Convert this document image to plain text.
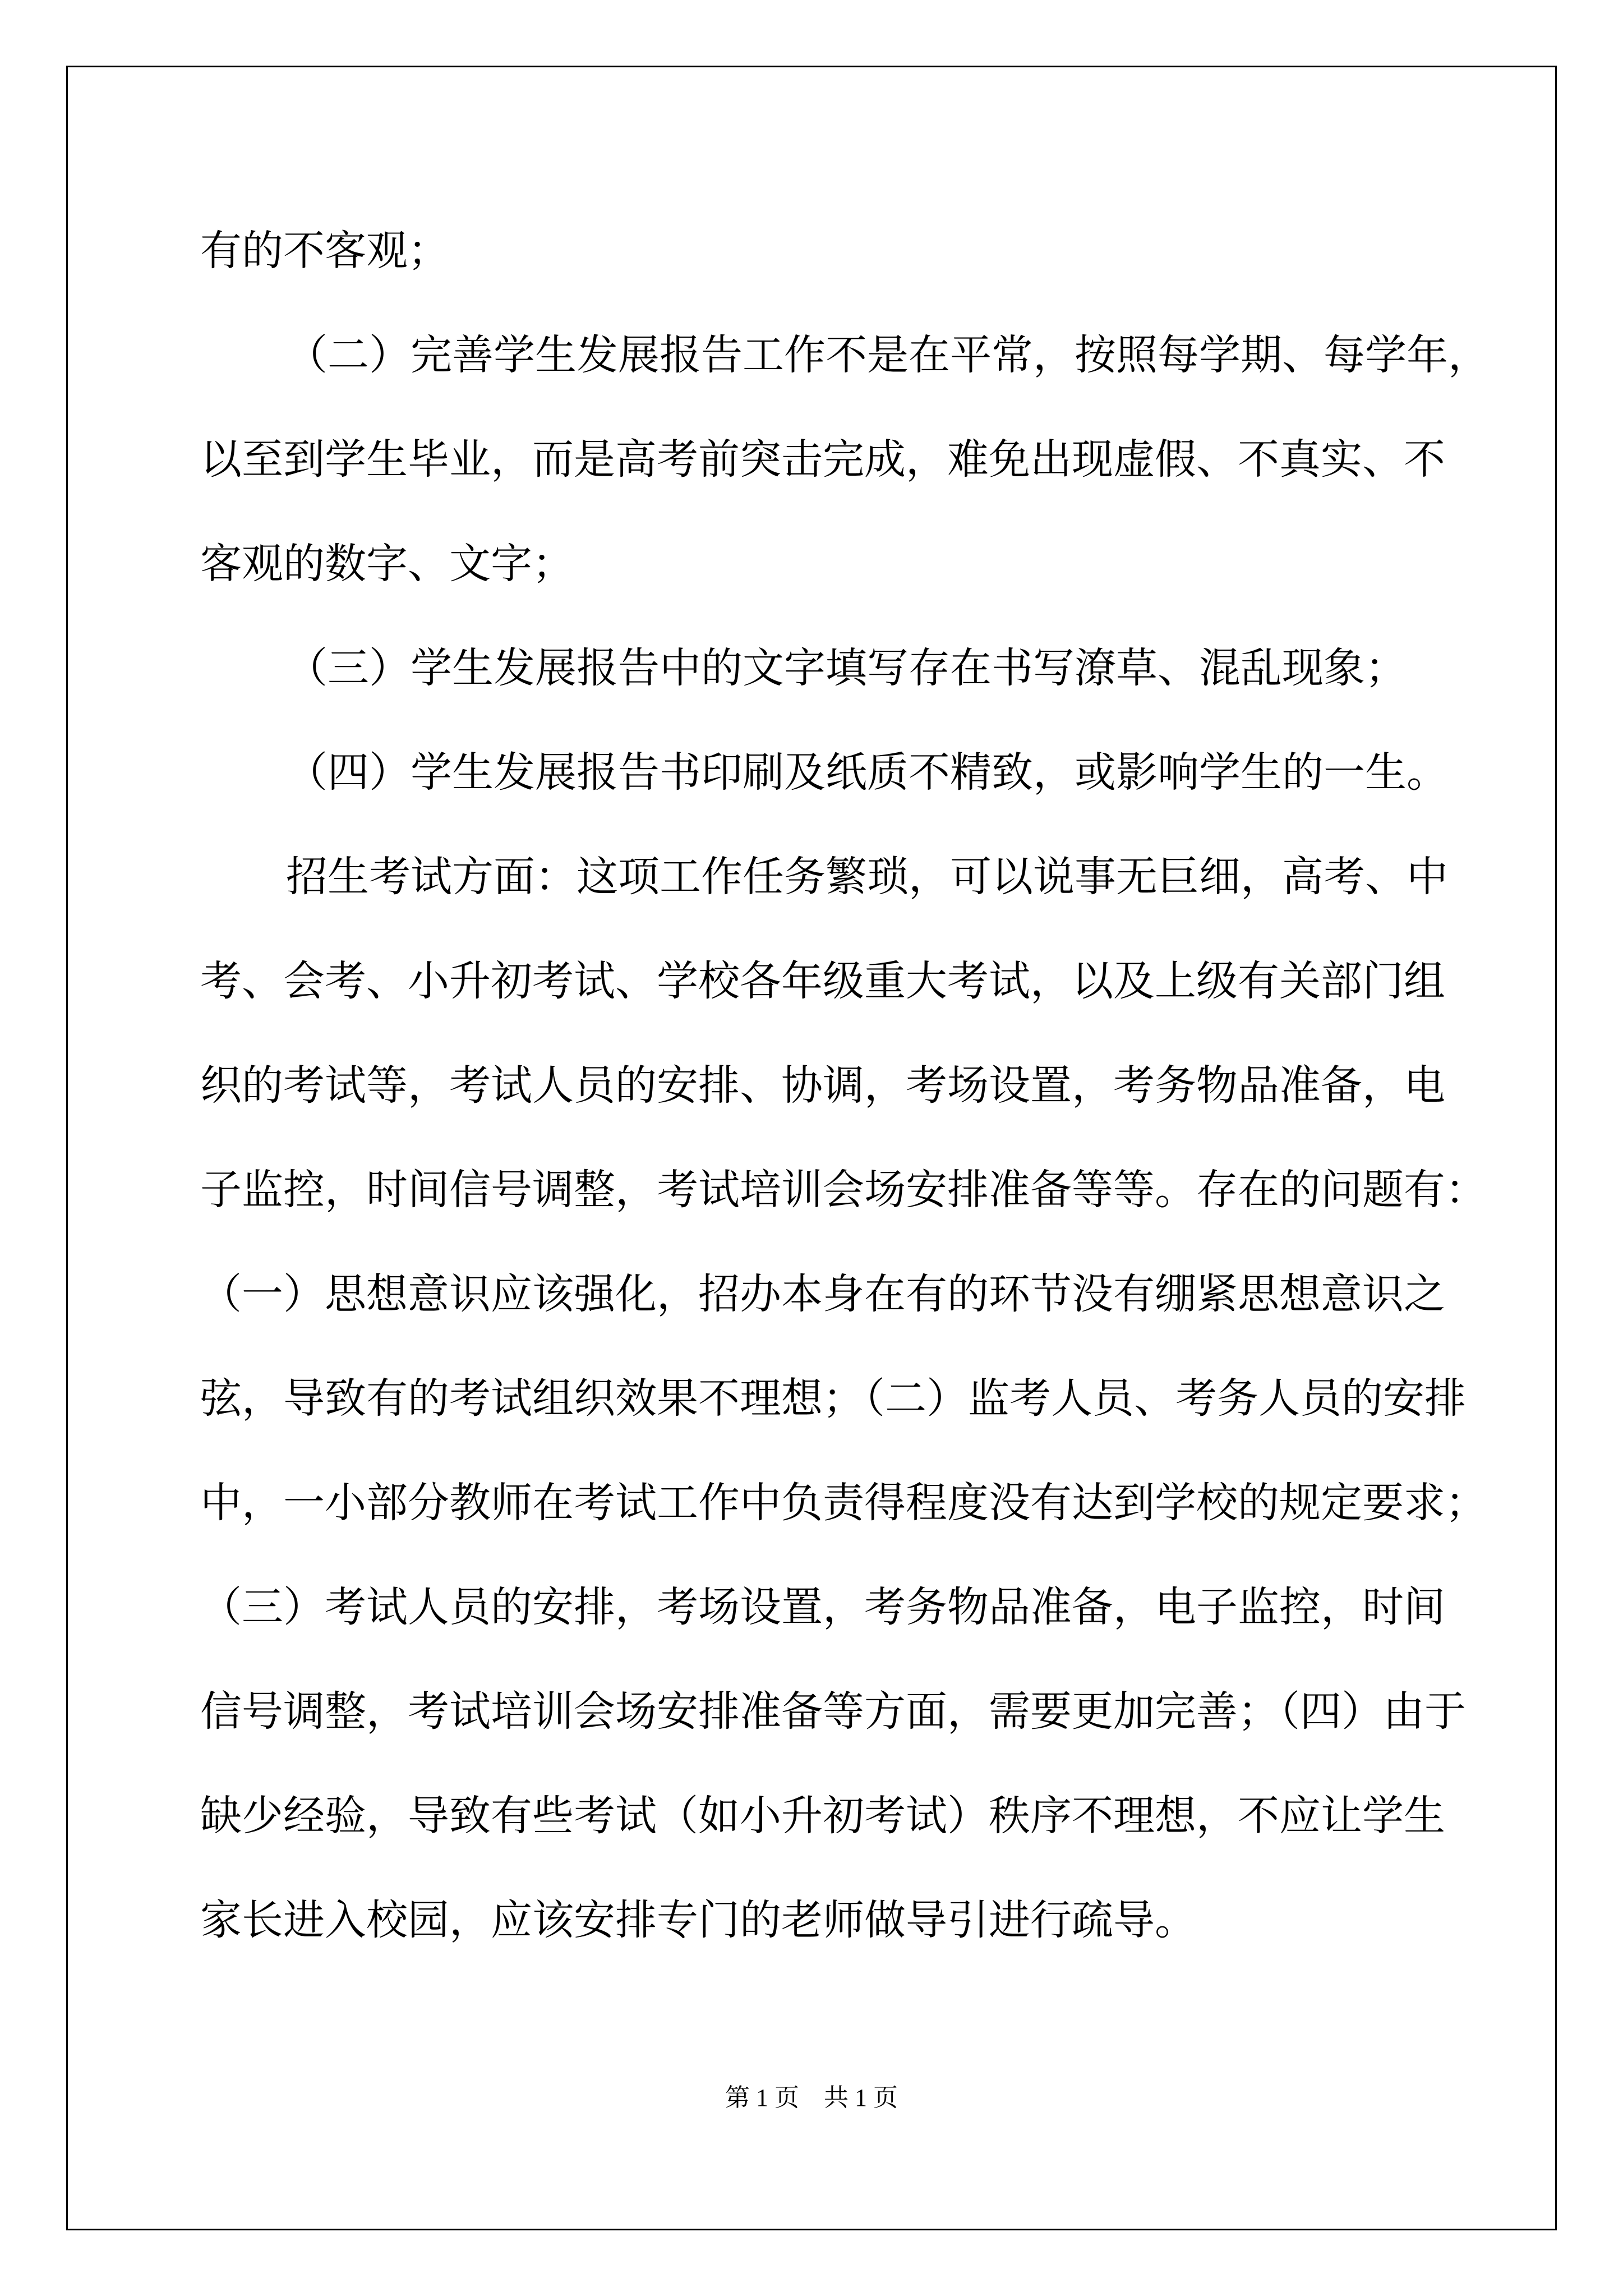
有的不客观；

（二）完善学生发展报告工作不是在平常，按照每学期、每学年，

以至到学生毕业，而是高考前突击完成，难免出现虚假、不真实、不

客观的数字、文字；

（三）学生发展报告中的文字填写存在书写潦草、混乱现象；

（四）学生发展报告书印刷及纸质不精致，或影响学生的一生。

招生考试方面：这项工作任务繁琐，可以说事无巨细，高考、中

考、会考、小升初考试、学校各年级重大考试，以及上级有关部门组

织的考试等，考试人员的安排、协调，考场设置，考务物品准备，电

子监控，时间信号调整，考试培训会场安排准备等等。存在的问题有：

（一）思想意识应该强化，招办本身在有的环节没有绷紧思想意识之

弦，导致有的考试组织效果不理想；（二）监考人员、考务人员的安排

中，一小部分教师在考试工作中负责得程度没有达到学校的规定要求；

（三）考试人员的安排，考场设置，考务物品准备，电子监控，时间

信号调整，考试培训会场安排准备等方面，需要更加完善；（四）由于

缺少经验，导致有些考试（如小升初考试）秩序不理想，不应让学生

家长进入校园，应该安排专门的老师做导引进行疏导。

第 1 页　共 1 页
